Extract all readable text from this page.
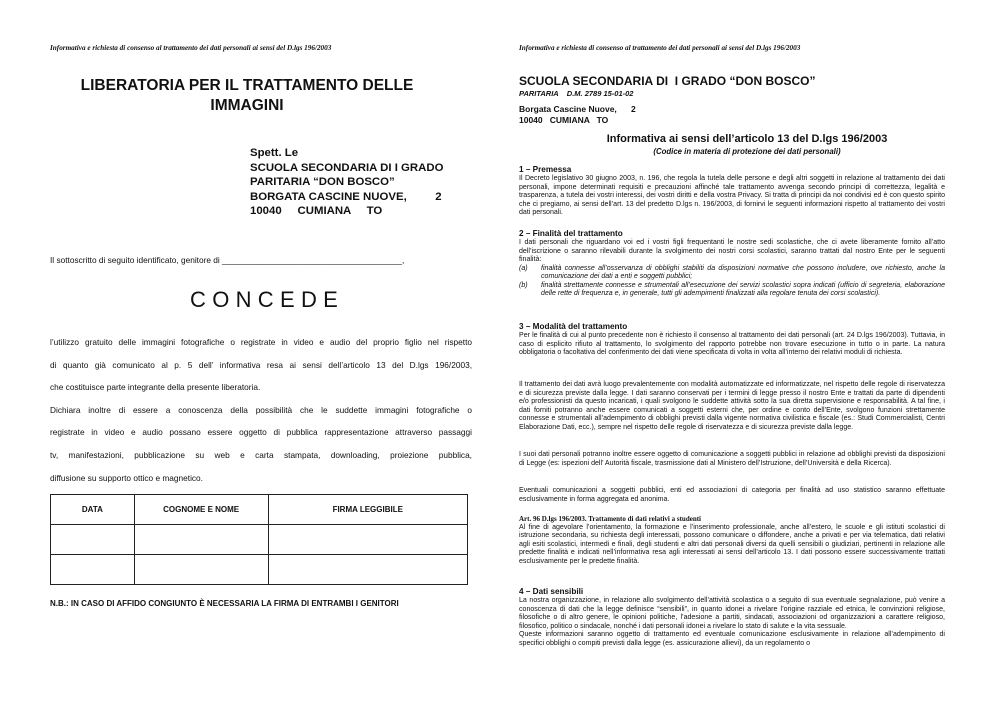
Informativa e richiesta di consenso al trattamento dei dati personali ai sensi del D.lgs 196/2003
LIBERATORIA PER IL TRATTAMENTO DELLE
IMMAGINI
Spett. Le
SCUOLA SECONDARIA DI I GRADO
PARITARIA “DON BOSCO”
BORGATA CASCINE NUOVE,         2
10040     CUMIANA     TO
Il sottoscritto di seguito identificato, genitore di _______________________________________,
CONCEDE

l’utilizzo gratuito delle immagini fotografiche o registrate in video e audio del proprio figlio nel rispetto

di quanto già comunicato al p. 5 dell’ informativa resa ai sensi dell’articolo 13 del D.lgs 196/2003,

che costituisce parte integrante della presente liberatoria.

Dichiara inoltre di essere a conoscenza della possibilità che le suddette immagini fotografiche o

registrate in video e audio possano essere oggetto di pubblica rappresentazione attraverso passaggi

tv, manifestazioni, pubblicazione su web e carta stampata, downloading, proiezione pubblica,

diffusione su supporto ottico e magnetico.

DATA	COGNOME E NOME	FIRMA LEGGIBILE

N.B.: IN CASO DI AFFIDO CONGIUNTO È NECESSARIA LA FIRMA DI ENTRAMBI I GENITORI
Informativa e richiesta di consenso al trattamento dei dati personali ai sensi del D.lgs 196/2003
SCUOLA SECONDARIA DI  I GRADO “DON BOSCO”
PARITARIA    D.M. 2789 15-01-02
Borgata Cascine Nuove,      2
10040   CUMIANA   TO
Informativa ai sensi dell’articolo 13 del D.lgs 196/2003
(Codice in materia di protezione dei dati personali)
1 – Premessa

Il Decreto legislativo 30 giugno 2003, n. 196, che regola la tutela delle persone e degli altri soggetti in relazione al trattamento dei dati personali, impone determinati requisiti e precauzioni affinché tale trattamento avvenga secondo principi di correttezza, legalità e trasparenza, a tutela dei vostri interessi, dei vostri diritti e della vostra Privacy. Si tratta di principi da noi condivisi ed è con questo spirito che ci pregiamo, ai sensi dell’art. 13 del predetto D.lgs n. 196/2003, di fornirvi le seguenti informazioni rispetto al trattamento dei vostri dati personali.

2 – Finalità del trattamento

I dati personali che riguardano voi ed i vostri figli frequentanti le nostre sedi scolastiche, che ci avete liberamente fornito all’atto dell’iscrizione o saranno rilevabili durante la svolgimento dei nostri corsi scolastici, saranno trattati dal nostro Ente per le seguenti finalità:

(a)	finalità connesse all’osservanza di obblighi stabiliti da disposizioni normative che possono includere, ove richiesto, anche la comunicazione dei dati a enti e soggetti pubblici;
(b)	finalità strettamente connesse e strumentali all’esecuzione dei servizi scolastici sopra indicati (ufficio di segreteria, elaborazione delle rette di frequenza e, in generale, tutti gli adempimenti finalizzati alla regolare tenuta dei corsi scolastici).
3 – Modalità del trattamento

Per le finalità di cui al punto precedente non è richiesto il consenso al trattamento dei dati personali (art. 24 D.lgs 196/2003). Tuttavia, in caso di esplicito rifiuto al trattamento, lo svolgimento del rapporto potrebbe non trovare esecuzione in tutto o in parte. La natura obbligatoria o facoltativa del conferimento dei dati viene specificata di volta in volta all’interno dei relativi moduli di richiesta.

Il trattamento dei dati avrà luogo prevalentemente con modalità automatizzate ed informatizzate, nel rispetto delle regole di riservatezza e di sicurezza previste dalla legge. I dati saranno conservati per i termini di legge presso il nostro Ente e trattati da parte di dipendenti e/o professionisti da questo incaricati, i quali svolgono le suddette attività sotto la sua diretta supervisione e responsabilità. A tal fine, i dati forniti potranno anche essere comunicati a soggetti esterni che, per ordine e conto dell’Ente, svolgono funzioni strettamente connesse e strumentali all’adempimento di obblighi previsti dalla vigente normativa civilistica e fiscale (es.: Studi Commercialisti, Centri Elaborazione Dati, ecc.), sempre nel rispetto delle regole di riservatezza e di sicurezza previste dalla legge.

I suoi dati personali potranno inoltre essere oggetto di comunicazione a soggetti pubblici in relazione ad obblighi previsti da disposizioni di Legge (es: ispezioni dell’ Autorità fiscale, trasmissione dati al Ministero dell’Istruzione, dell’Università e della Ricerca).

Eventuali comunicazioni a soggetti pubblici, enti ed associazioni di categoria per finalità ad uso statistico saranno effettuate esclusivamente in forma aggregata ed anonima.

Art. 96 D.lgs 196/2003. Trattamento di dati relativi a studenti

Al fine di agevolare l’orientamento, la formazione e l’inserimento professionale, anche all’estero, le scuole e gli istituti scolastici di istruzione secondaria, su richiesta degli interessati, possono comunicare o diffondere, anche a privati e per via telematica, dati relativi agli esiti scolastici, intermedi e finali, degli studenti e altri dati personali diversi da quelli sensibili o giudiziari, pertinenti in relazione alle predette finalità e indicati nell’informativa resa agli interessati ai sensi dell’articolo 13. I dati possono essere successivamente trattati esclusivamente per le predette finalità.

4 – Dati sensibili

La nostra organizzazione, in relazione allo svolgimento dell’attività scolastica o a seguito di sua eventuale segnalazione, può venire a conoscenza di dati che la legge definisce “sensibili”, in quanto idonei a rivelare l’origine razziale ed etnica, le convinzioni religiose, filosofiche o di altro genere, le opinioni politiche, l’adesione a partiti, sindacati, associazioni od organizzazioni a carattere religioso, filosofico, politico o sindacale, nonché i dati personali idonei a rivelare lo stato di salute e la vita sessuale.

Queste informazioni saranno oggetto di trattamento ed eventuale comunicazione esclusivamente in relazione all’adempimento di specifici obblighi o compiti previsti dalla legge (es. assicurazione allievi), da un regolamento o
